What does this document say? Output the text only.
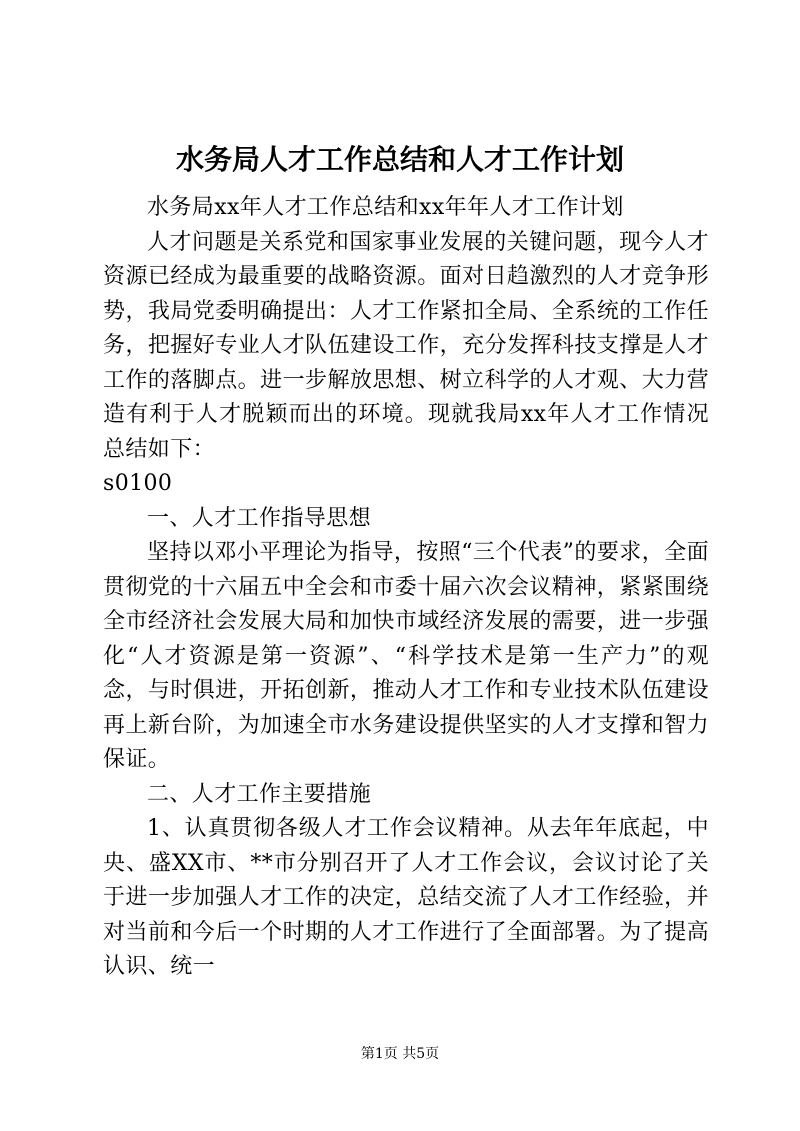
水务局人才工作总结和人才工作计划

水务局xx年人才工作总结和xx年年人才工作计划

人才问题是关系党和国家事业发展的关键问题，现今人才资源已经成为最重要的战略资源。面对日趋激烈的人才竞争形势，我局党委明确提出：人才工作紧扣全局、全系统的工作任务，把握好专业人才队伍建设工作，充分发挥科技支撑是人才工作的落脚点。进一步解放思想、树立科学的人才观、大力营造有利于人才脱颖而出的环境。现就我局xx年人才工作情况总结如下：

s0100

一、人才工作指导思想

坚持以邓小平理论为指导，按照“三个代表”的要求，全面贯彻党的十六届五中全会和市委十届六次会议精神，紧紧围绕全市经济社会发展大局和加快市域经济发展的需要，进一步强化“人才资源是第一资源”、“科学技术是第一生产力”的观念，与时俱进，开拓创新，推动人才工作和专业技术队伍建设再上新台阶，为加速全市水务建设提供坚实的人才支撑和智力保证。

二、人才工作主要措施

1、认真贯彻各级人才工作会议精神。从去年年底起，中央、盛XX市、**市分别召开了人才工作会议，会议讨论了关于进一步加强人才工作的决定，总结交流了人才工作经验，并对当前和今后一个时期的人才工作进行了全面部署。为了提高认识、统一

第1页 共5页
